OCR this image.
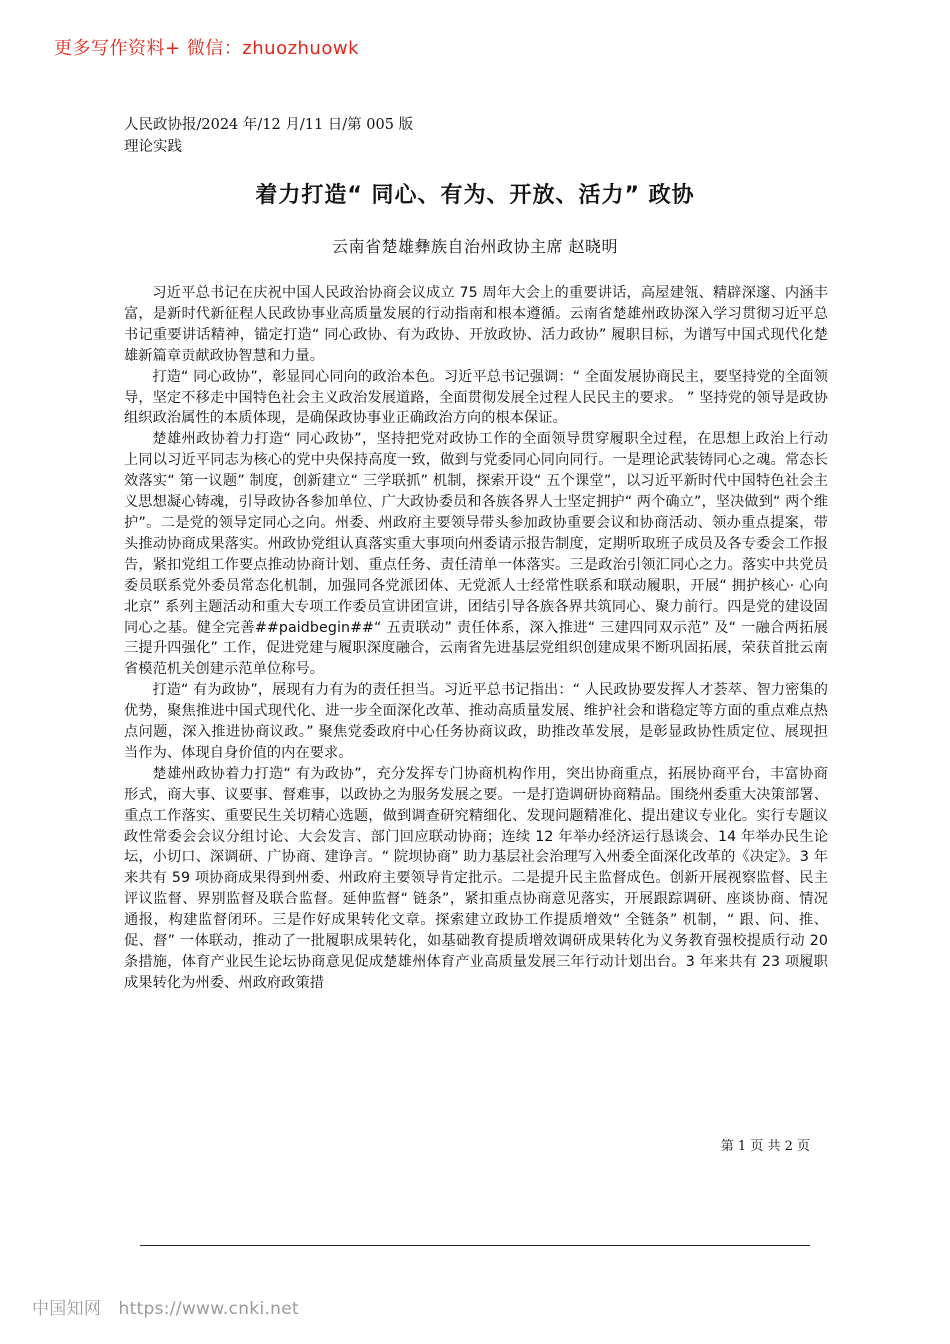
更多写作资料+ 微信：zhuozhuowk
人民政协报/2024 年/12 月/11 日/第 005 版理论实践
着力打造“ 同心、有为、开放、活力” 政协
云南省楚雄彝族自治州政协主席 赵晓明

习近平总书记在庆祝中国人民政治协商会议成立 75 周年大会上的重要讲话，高屋建瓴、精辟深邃、内涵丰富，是新时代新征程人民政协事业高质量发展的行动指南和根本遵循。云南省楚雄州政协深入学习贯彻习近平总书记重要讲话精神，锚定打造“ 同心政协、有为政协、开放政协、活力政协” 履职目标，为谱写中国式现代化楚雄新篇章贡献政协智慧和力量。

打造“ 同心政协”，彰显同心同向的政治本色。习近平总书记强调：“ 全面发展协商民主，要坚持党的全面领导，坚定不移走中国特色社会主义政治发展道路，全面贯彻发展全过程人民民主的要求。 ” 坚持党的领导是政协组织政治属性的本质体现，是确保政协事业正确政治方向的根本保证。

楚雄州政协着力打造“ 同心政协”，坚持把党对政协工作的全面领导贯穿履职全过程，在思想上政治上行动上同以习近平同志为核心的党中央保持高度一致，做到与党委同心同向同行。一是理论武装铸同心之魂。常态长效落实“ 第一议题” 制度，创新建立“ 三学联抓” 机制，探索开设“ 五个课堂”，以习近平新时代中国特色社会主义思想凝心铸魂，引导政协各参加单位、广大政协委员和各族各界人士坚定拥护“ 两个确立”，坚决做到“ 两个维护”。二是党的领导定同心之向。州委、州政府主要领导带头参加政协重要会议和协商活动、领办重点提案，带头推动协商成果落实。州政协党组认真落实重大事项向州委请示报告制度，定期听取班子成员及各专委会工作报告，紧扣党组工作要点推动协商计划、重点任务、责任清单一体落实。三是政治引领汇同心之力。落实中共党员委员联系党外委员常态化机制，加强同各党派团体、无党派人士经常性联系和联动履职，开展“ 拥护核心· 心向北京” 系列主题活动和重大专项工作委员宣讲团宣讲，团结引导各族各界共筑同心、聚力前行。四是党的建设固同心之基。健全完善##paidbegin##“ 五责联动” 责任体系，深入推进“ 三建四同双示范” 及“ 一融合两拓展三提升四强化” 工作，促进党建与履职深度融合，云南省先进基层党组织创建成果不断巩固拓展，荣获首批云南省模范机关创建示范单位称号。

打造“ 有为政协”，展现有力有为的责任担当。习近平总书记指出：“ 人民政协要发挥人才荟萃、智力密集的优势，聚焦推进中国式现代化、进一步全面深化改革、推动高质量发展、维护社会和谐稳定等方面的重点难点热点问题，深入推进协商议政。” 聚焦党委政府中心任务协商议政，助推改革发展，是彰显政协性质定位、展现担当作为、体现自身价值的内在要求。

楚雄州政协着力打造“ 有为政协”，充分发挥专门协商机构作用，突出协商重点，拓展协商平台，丰富协商形式，商大事、议要事、督难事，以政协之为服务发展之要。一是打造调研协商精品。围绕州委重大决策部署、重点工作落实、重要民生关切精心选题，做到调查研究精细化、发现问题精准化、提出建议专业化。实行专题议政性常委会会议分组讨论、大会发言、部门回应联动协商；连续 12 年举办经济运行恳谈会、14 年举办民生论坛，小切口、深调研、广协商、建诤言。“ 院坝协商” 助力基层社会治理写入州委全面深化改革的《决定》。3 年来共有 59 项协商成果得到州委、州政府主要领导肯定批示。二是提升民主监督成色。创新开展视察监督、民主评议监督、界别监督及联合监督。延伸监督“ 链条”，紧扣重点协商意见落实，开展跟踪调研、座谈协商、情况通报，构建监督闭环。三是作好成果转化文章。探索建立政协工作提质增效“ 全链条” 机制，“ 跟、问、推、促、督” 一体联动，推动了一批履职成果转化，如基础教育提质增效调研成果转化为义务教育强校提质行动 20 条措施，体育产业民生论坛协商意见促成楚雄州体育产业高质量发展三年行动计划出台。3 年来共有 23 项履职成果转化为州委、州政府政策措

第 1 页 共 2 页
中国知网　https://www.cnki.net
